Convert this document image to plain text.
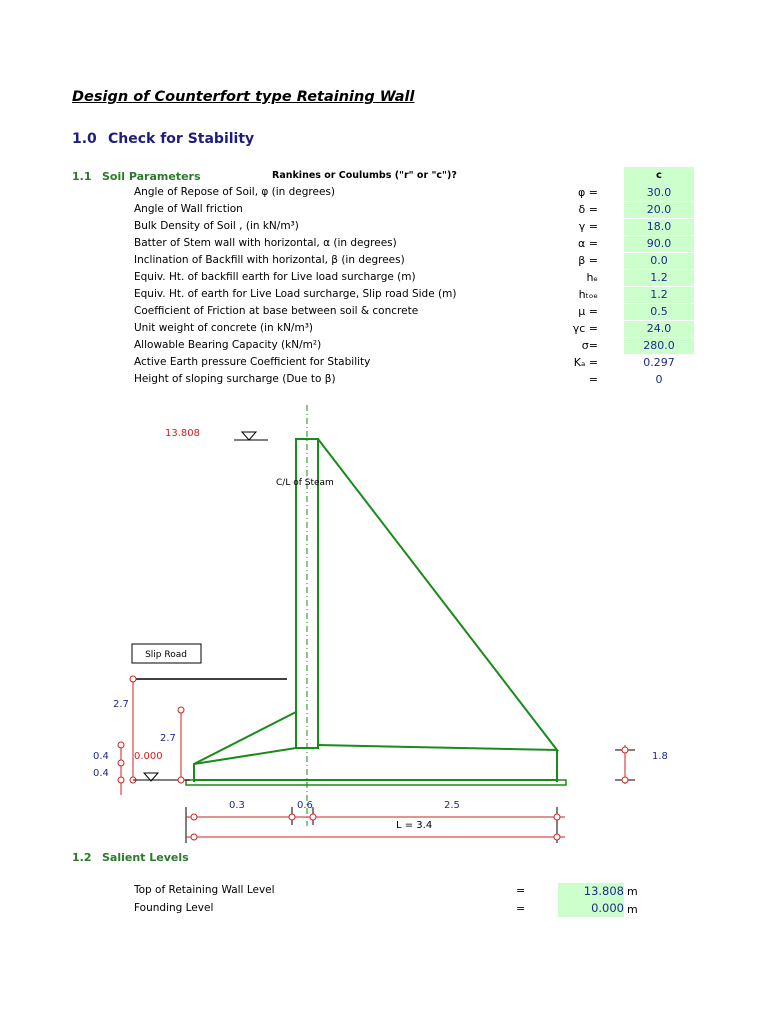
Design of Counterfort type Retaining Wall
1.0 Check for Stability
1.1 Soil Parameters	Rankines or Coulumbs ("r" or "c")?	c
Angle of Repose of Soil, φ (in degrees)	φ =	30.0
Angle of Wall friction	δ =	20.0
Bulk Density of Soil , (in kN/m³)	γ =	18.0
Batter of Stem wall with horizontal, α (in degrees)	α =	90.0
Inclination of Backfill with horizontal, β (in degrees)	β =	0.0
Equiv. Ht. of backfill earth for Live load surcharge (m)	hₑ	1.2
Equiv. Ht. of earth for Live Load surcharge, Slip road Side (m)	hₜₒₑ	1.2
Coefficient of Friction at base between soil & concrete	μ =	0.5
Unit weight of concrete (in kN/m³)	γᴄ =	24.0
Allowable Bearing Capacity (kN/m²)	σ=	280.0
Active Earth pressure Coefficient for Stability	Kₐ =	0.297
Height of sloping surcharge (Due to β)	=	0
13.808
C/L of Steam
Slip Road
2.7
0.4
0.4
0.000
2.7
1.8
0.3	0.6	2.5
L = 3.4
1.2 Salient Levels
Top of Retaining Wall Level	=	13.808 m
Founding Level	=	0.000 m
